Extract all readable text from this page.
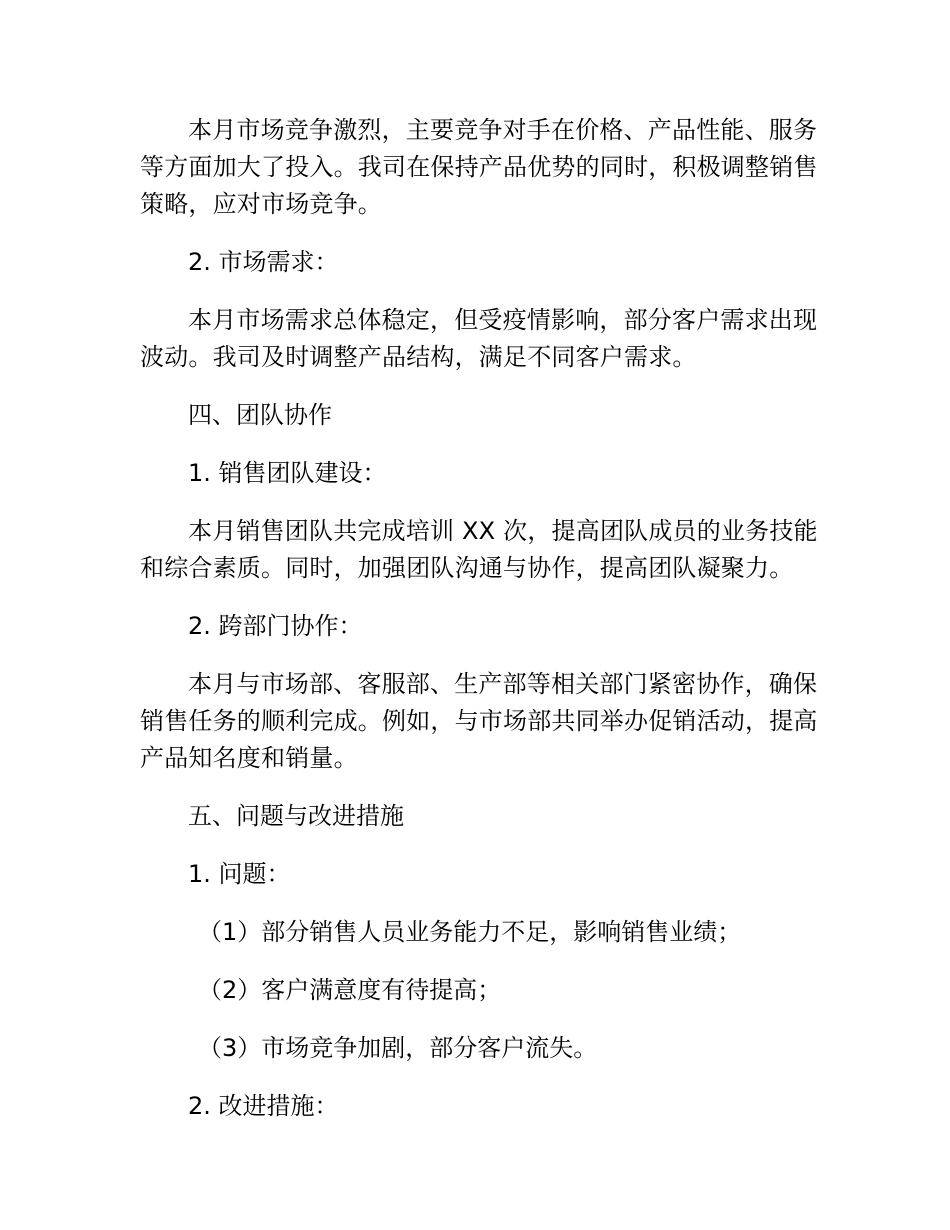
本月市场竞争激烈，主要竞争对手在价格、产品性能、服务等方面加大了投入。我司在保持产品优势的同时，积极调整销售策略，应对市场竞争。

2. 市场需求：

本月市场需求总体稳定，但受疫情影响，部分客户需求出现波动。我司及时调整产品结构，满足不同客户需求。

四、团队协作

1. 销售团队建设：

本月销售团队共完成培训 XX 次，提高团队成员的业务技能和综合素质。同时，加强团队沟通与协作，提高团队凝聚力。

2. 跨部门协作：

本月与市场部、客服部、生产部等相关部门紧密协作，确保销售任务的顺利完成。例如，与市场部共同举办促销活动，提高产品知名度和销量。

五、问题与改进措施

1. 问题：

（1）部分销售人员业务能力不足，影响销售业绩；

（2）客户满意度有待提高；

（3）市场竞争加剧，部分客户流失。

2. 改进措施：
